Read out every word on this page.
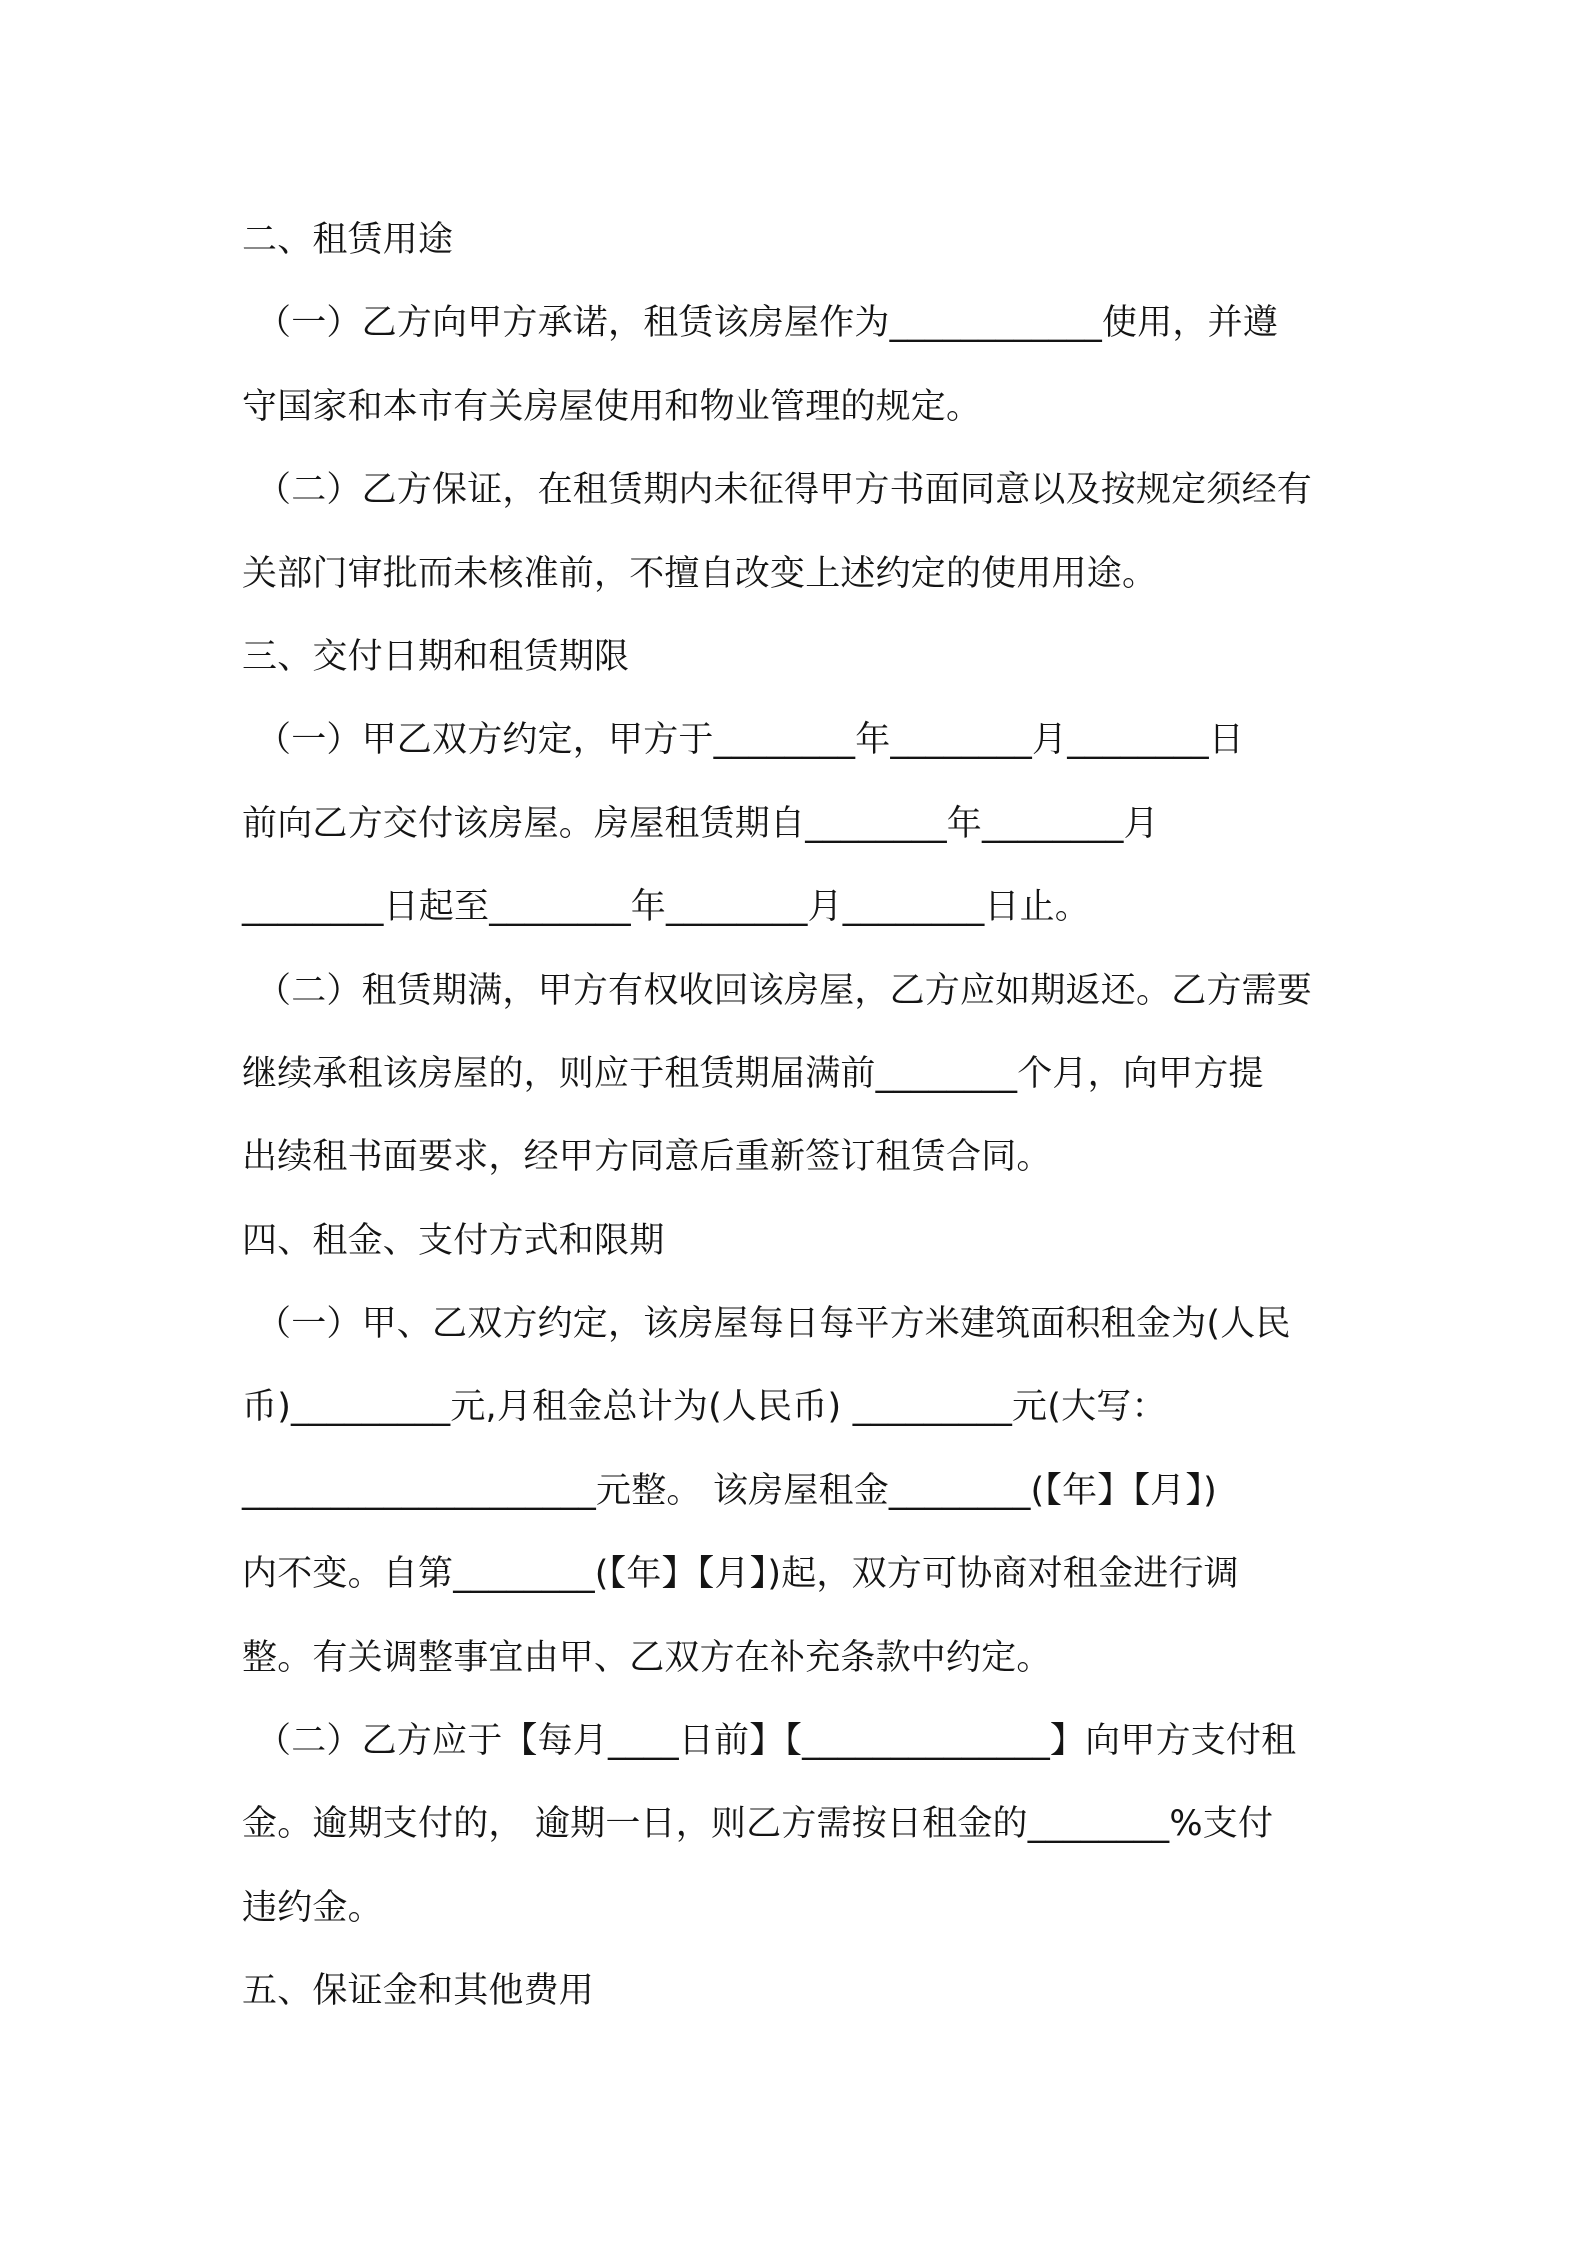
二、租赁用途
（一）乙方向甲方承诺，租赁该房屋作为____________使用，并遵
守国家和本市有关房屋使用和物业管理的规定。
（二）乙方保证，在租赁期内未征得甲方书面同意以及按规定须经有
关部门审批而未核准前，不擅自改变上述约定的使用用途。
三、交付日期和租赁期限
（一）甲乙双方约定，甲方于________年________月________日
前向乙方交付该房屋。房屋租赁期自________年________月
________日起至________年________月________日止。
（二）租赁期满，甲方有权收回该房屋，乙方应如期返还。乙方需要
继续承租该房屋的，则应于租赁期届满前________个月，向甲方提
出续租书面要求，经甲方同意后重新签订租赁合同。
四、租金、支付方式和限期
（一）甲、乙双方约定，该房屋每日每平方米建筑面积租金为(人民
币)_________元,月租金总计为(人民币) _________元(大写：
____________________元整。 该房屋租金________(【年】【月】)
内不变。自第________(【年】【月】)起，双方可协商对租金进行调
整。有关调整事宜由甲、乙双方在补充条款中约定。
（二）乙方应于【每月____日前】【______________】向甲方支付租
金。逾期支付的， 逾期一日，则乙方需按日租金的________%支付
违约金。
五、保证金和其他费用
